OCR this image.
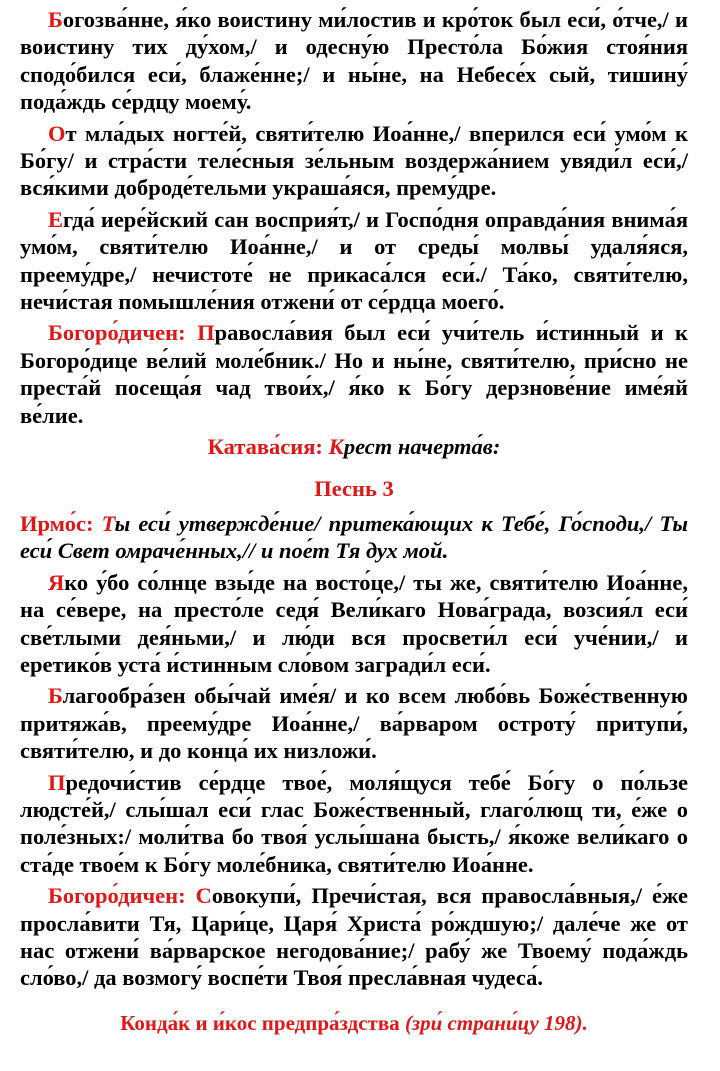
Богозва́нне, я́ко воистину ми́лостив и кро́ток был еси́, о́тче,/ и воистину тих ду́хом,/ и одесну́ю Престо́ла Бо́жия стоя́ния сподо́бился еси́, блаже́нне;/ и ны́не, на Небесе́х сый, тишину́ пода́ждь се́рдцу моему́.

От мла́дых ногте́й, святи́телю Иоа́нне,/ вперился еси́ умо́м к Бо́гу/ и стра́сти теле́сныя зе́льным воздержа́нием увяди́л еси́,/ вся́кими доброде́тельми украша́яся, прему́дре.

Егда́ иере́йский сан восприя́т,/ и Госпо́дня оправда́ния внима́я умо́м, святи́телю Иоа́нне,/ и от среды́ молвы́ удаля́яся, преему́дре,/ нечистоте́ не прикаса́лся еси́./ Та́ко, святи́телю, нечи́стая помышле́ния отжени́ от се́рдца моего́.

Богоро́дичен: Правосла́вия был еси́ учи́тель и́стинный и к Богоро́дице ве́лий моле́бник./ Но и ны́не, святи́телю, при́сно не преста́й посеща́я чад твои́х,/ я́ко к Бо́гу дерзнове́ние име́яй ве́лие.

Катава́сия: Крест начерта́в:

Песнь 3

Ирмо́с: Ты еси́ утвержде́ние/ притека́ющих к Тебе́, Го́споди,/ Ты еси́ Свет омраче́нных,// и пое́т Тя дух мой.

Яко у́бо со́лнце взы́де на восто́це,/ ты же, святи́телю Иоа́нне, на се́вере, на престо́ле седя́ Вели́каго Нова́града, возсия́л еси́ све́тлыми дея́ньми,/ и лю́ди вся просвети́л еси́ уче́нии,/ и еретико́в уста́ и́стинным сло́вом загради́л еси́.

Благообра́зен обы́чай име́я/ и ко всем любо́вь Боже́ственную притяжа́в, преему́дре Иоа́нне,/ ва́рваром остроту́ притупи́, святи́телю, и до конца́ их низложи́.

Предочи́стив се́рдце твое́, моля́щуся тебе́ Бо́гу о по́льзе людсте́й,/ слы́шал еси́ глас Боже́ственный, глаго́лющ ти, е́же о поле́зных:/ моли́тва бо твоя́ услы́шана бысть,/ я́коже вели́каго о ста́де твое́м к Бо́гу моле́бника, святи́телю Иоа́нне.

Богоро́дичен: Совокупи́, Пречи́стая, вся правосла́вныя,/ е́же просла́вити Тя, Цари́це, Царя́ Христа́ ро́ждшую;/ дале́че же от нас отжени́ ва́рварское негодова́ние;/ рабу́ же Твоему́ пода́ждь сло́во,/ да возмогу́ воспе́ти Твоя́ пресла́вная чудеса́.

Конда́к и и́кос предпра́здства (зри́ страни́цу 198).
